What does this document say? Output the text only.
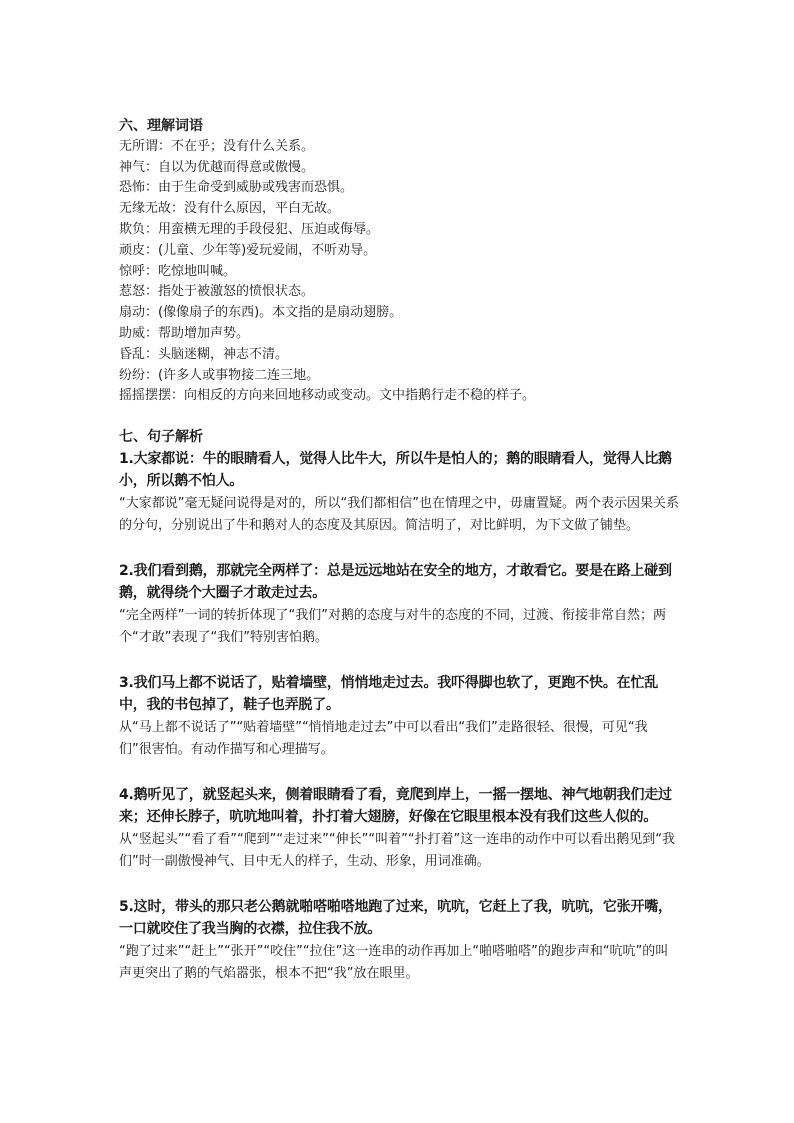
六、理解词语

无所谓：不在乎；没有什么关系。

神气：自以为优越而得意或傲慢。

恐怖：由于生命受到威胁或残害而恐惧。

无缘无故：没有什么原因，平白无故。

欺负：用蛮横无理的手段侵犯、压迫或侮辱。

顽皮：(儿童、少年等)爱玩爱闹，不听劝导。

惊呼：吃惊地叫喊。

惹怒：指处于被激怒的愤恨状态。

扇动：(像像扇子的东西)。本文指的是扇动翅膀。

助威：帮助增加声势。

昏乱：头脑迷糊，神志不清。

纷纷：(许多人或事物接二连三地。

摇摇摆摆：向相反的方向来回地移动或变动。文中指鹅行走不稳的样子。

七、句子解析

1.大家都说：牛的眼睛看人，觉得人比牛大，所以牛是怕人的；鹅的眼睛看人，觉得人比鹅小，所以鹅不怕人。

“大家都说”毫无疑问说得是对的，所以“我们都相信”也在情理之中，毋庸置疑。两个表示因果关系的分句，分别说出了牛和鹅对人的态度及其原因。简洁明了，对比鲜明，为下文做了铺垫。

2.我们看到鹅，那就完全两样了：总是远远地站在安全的地方，才敢看它。要是在路上碰到鹅，就得绕个大圈子才敢走过去。

“完全两样”一词的转折体现了“我们”对鹅的态度与对牛的态度的不同，过渡、衔接非常自然；两个“才敢”表现了“我们”特别害怕鹅。

3.我们马上都不说话了，贴着墙壁，悄悄地走过去。我吓得脚也软了，更跑不快。在忙乱中，我的书包掉了，鞋子也弄脱了。

从“马上都不说话了”“贴着墙壁”“悄悄地走过去”中可以看出“我们”走路很轻、很慢，可见“我们”很害怕。有动作描写和心理描写。

4.鹅听见了，就竖起头来，侧着眼睛看了看，竟爬到岸上，一摇一摆地、神气地朝我们走过来；还伸长脖子，吭吭地叫着，扑打着大翅膀，好像在它眼里根本没有我们这些人似的。

从“竖起头”“看了看”“爬到”“走过来”“伸长”“叫着”“扑打着”这一连串的动作中可以看出鹅见到“我们”时一副傲慢神气、目中无人的样子，生动、形象，用词准确。

5.这时，带头的那只老公鹅就啪嗒啪嗒地跑了过来，吭吭，它赶上了我，吭吭，它张开嘴，一口就咬住了我当胸的衣襟，拉住我不放。

“跑了过来”“赶上”“张开”“咬住”“拉住”这一连串的动作再加上“啪嗒啪嗒”的跑步声和“吭吭”的叫声更突出了鹅的气焰嚣张，根本不把“我”放在眼里。
